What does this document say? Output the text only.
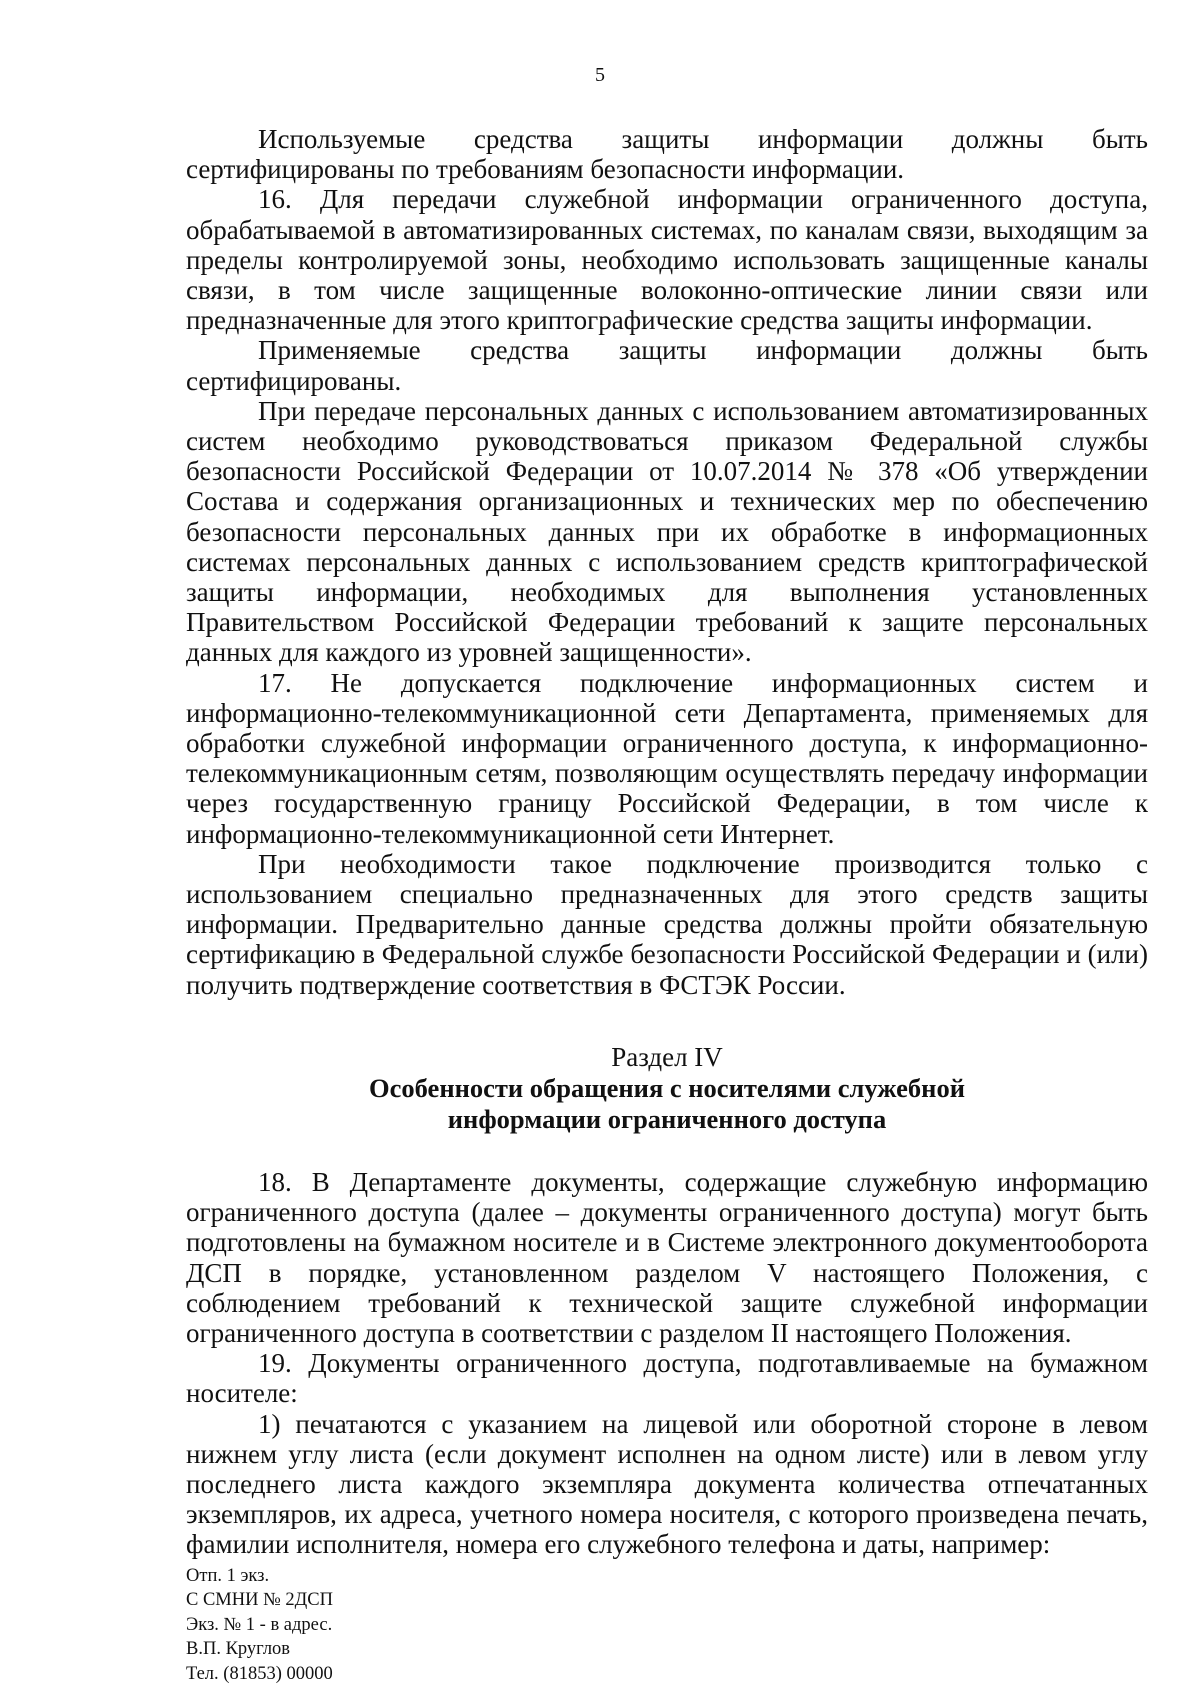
5

Используемые средства защиты информации должны быть сертифицированы по требованиям безопасности информации.

16. Для передачи служебной информации ограниченного доступа, обрабатываемой в автоматизированных системах, по каналам связи, выходящим за пределы контролируемой зоны, необходимо использовать защищенные каналы связи, в том числе защищенные волоконно-оптические линии связи или предназначенные для этого криптографические средства защиты информации.

Применяемые средства защиты информации должны быть сертифицированы.

При передаче персональных данных с использованием автоматизированных систем необходимо руководствоваться приказом Федеральной службы безопасности Российской Федерации от 10.07.2014 № 378 «Об утверждении Состава и содержания организационных и технических мер по обеспечению безопасности персональных данных при их обработке в информационных системах персональных данных с использованием средств криптографической защиты информации, необходимых для выполнения установленных Правительством Российской Федерации требований к защите персональных данных для каждого из уровней защищенности».

17. Не допускается подключение информационных систем и информационно-телекоммуникационной сети Департамента, применяемых для обработки служебной информации ограниченного доступа, к информационно-телекоммуникационным сетям, позволяющим осуществлять передачу информации через государственную границу Российской Федерации, в том числе к информационно-телекоммуникационной сети Интернет.

При необходимости такое подключение производится только с использованием специально предназначенных для этого средств защиты информации. Предварительно данные средства должны пройти обязательную сертификацию в Федеральной службе безопасности Российской Федерации и (или) получить подтверждение соответствия в ФСТЭК России.

Раздел IV
Особенности обращения с носителями служебной
информации ограниченного доступа

18. В Департаменте документы, содержащие служебную информацию ограниченного доступа (далее – документы ограниченного доступа) могут быть подготовлены на бумажном носителе и в Системе электронного документооборота ДСП в порядке, установленном разделом V настоящего Положения, с соблюдением требований к технической защите служебной информации ограниченного доступа в соответствии с разделом II настоящего Положения.

19. Документы ограниченного доступа, подготавливаемые на бумажном носителе:

1) печатаются с указанием на лицевой или оборотной стороне в левом нижнем углу листа (если документ исполнен на одном листе) или в левом углу последнего листа каждого экземпляра документа количества отпечатанных экземпляров, их адреса, учетного номера носителя, с которого произведена печать, фамилии исполнителя, номера его служебного телефона и даты, например:

Отп. 1 экз.
С СМНИ № 2ДСП
Экз. № 1 - в адрес.
В.П. Круглов
Тел. (81853) 00000
